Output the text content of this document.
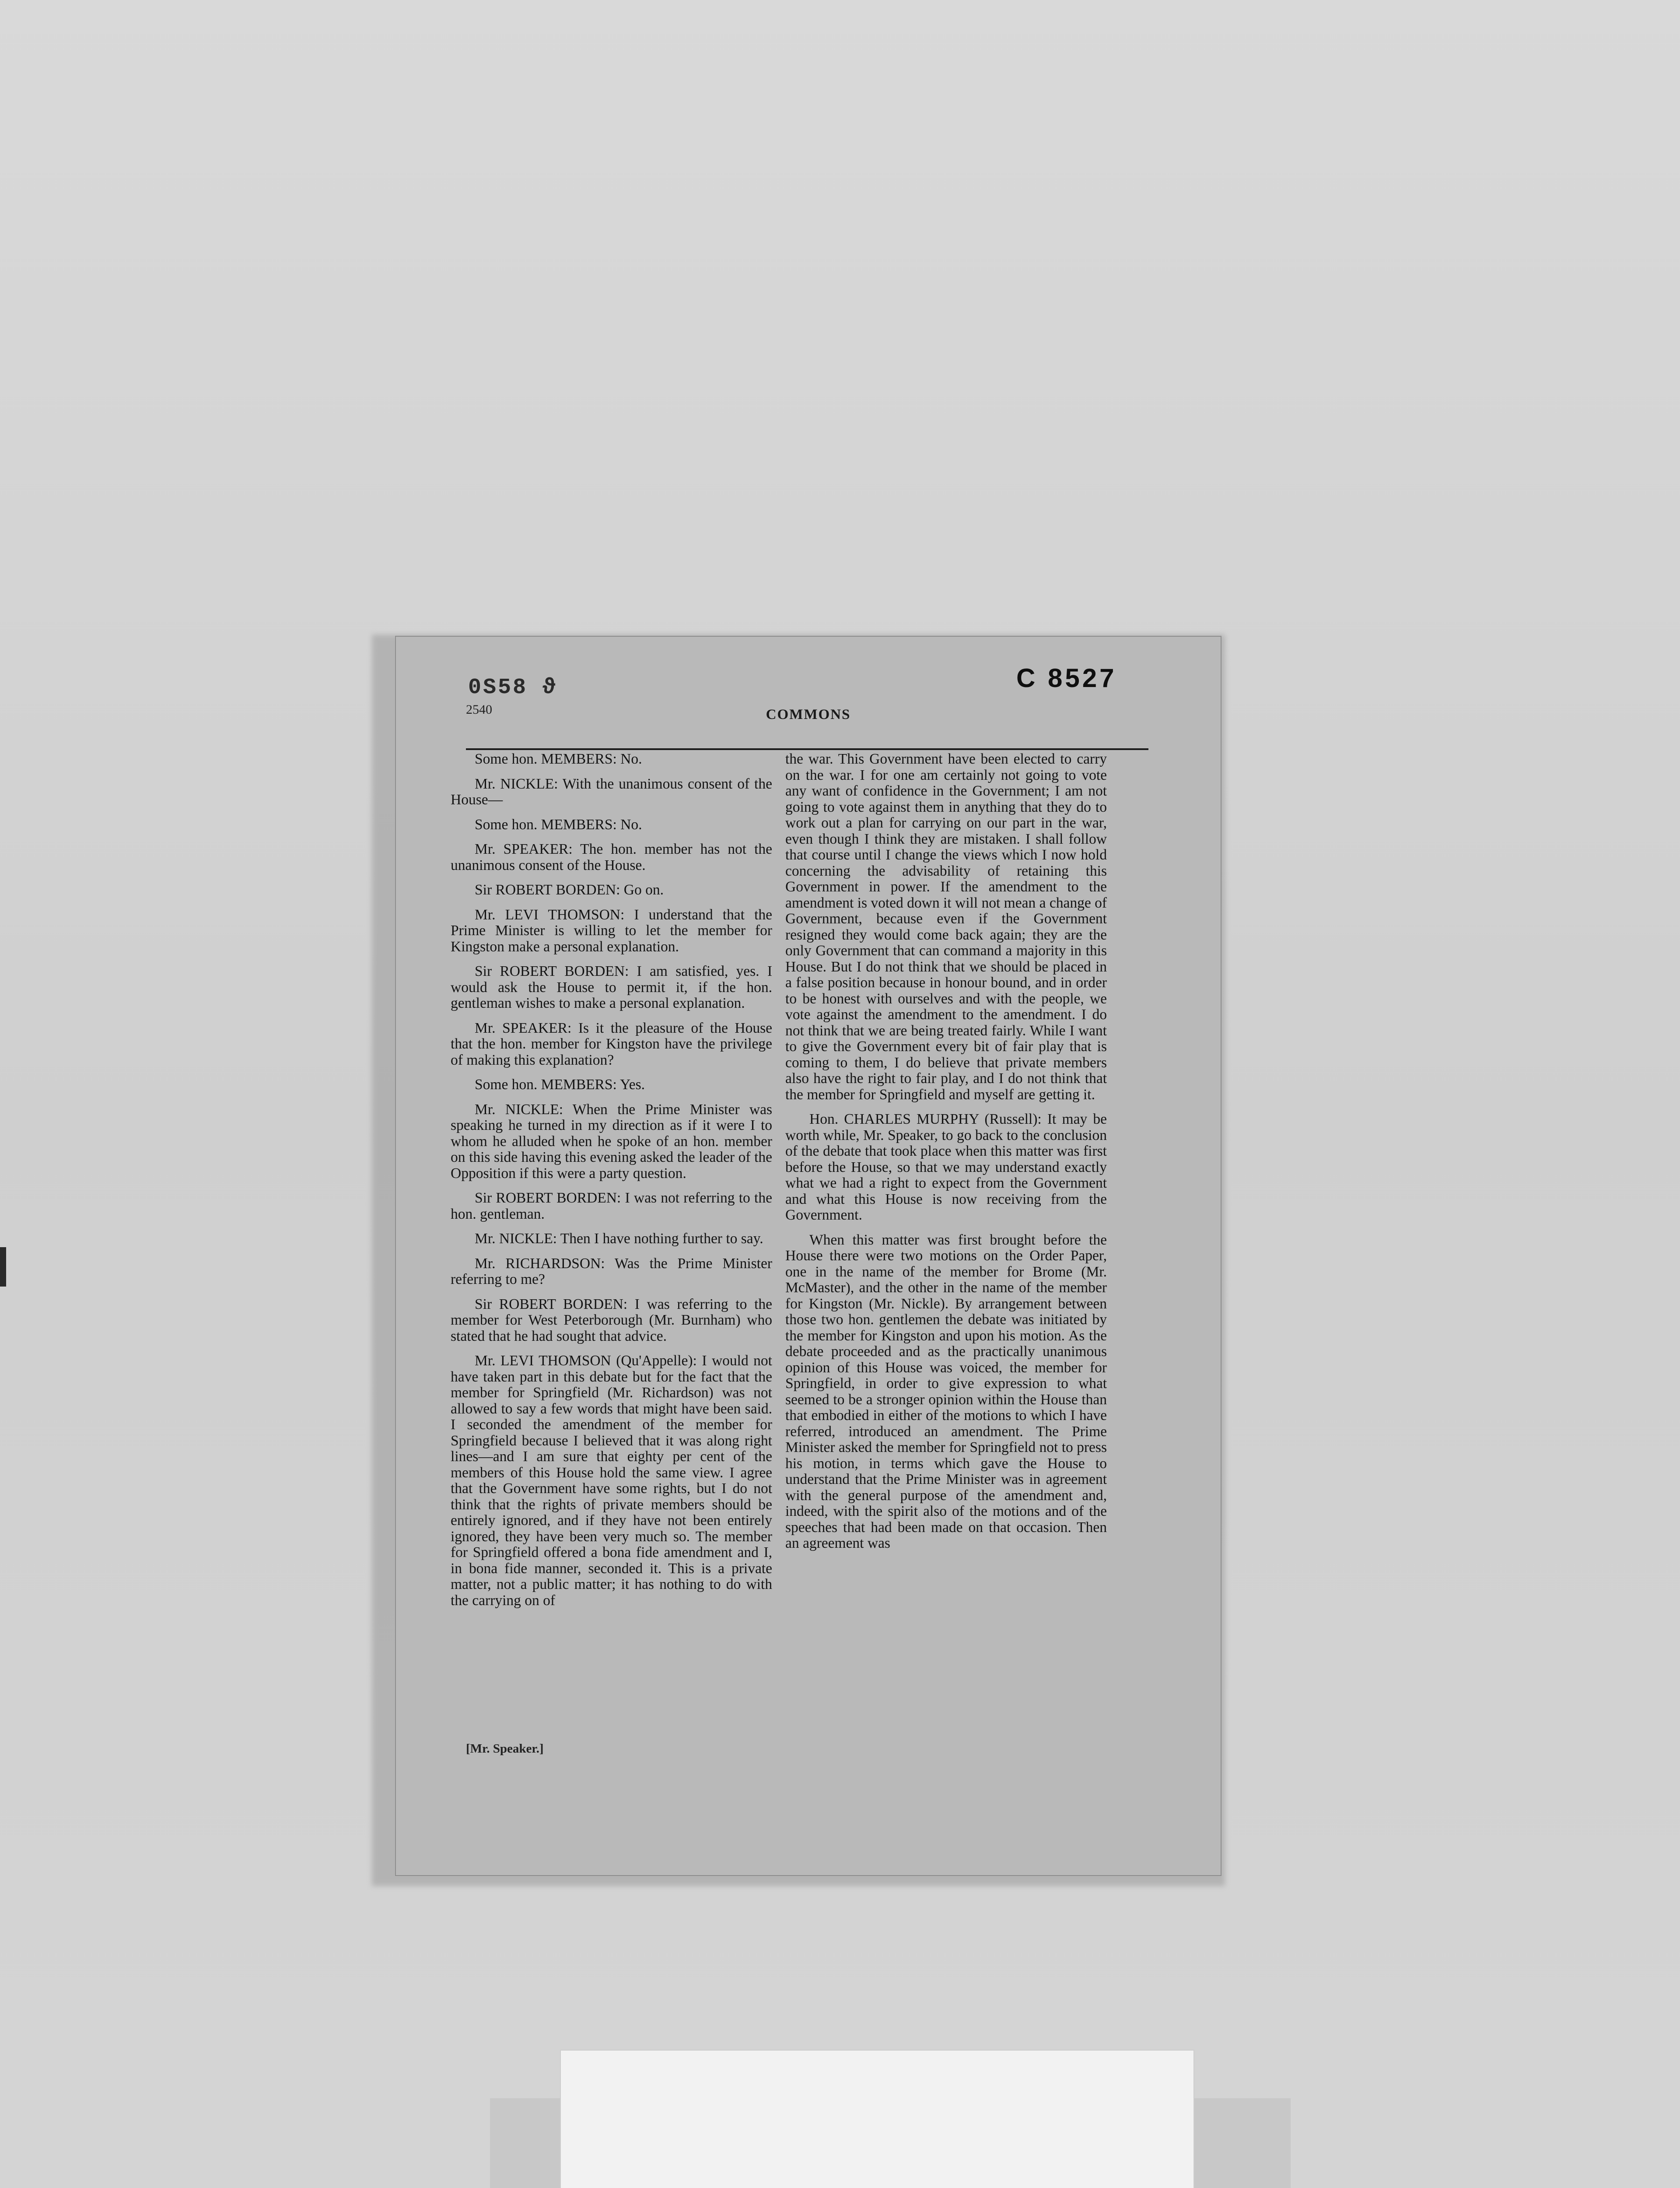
0S58 ϑ	C 8527
2540	COMMONS

Some hon. MEMBERS: No.

Mr. NICKLE: With the unanimous consent of the House—

Some hon. MEMBERS: No.

Mr. SPEAKER: The hon. member has not the unanimous consent of the House.

Sir ROBERT BORDEN: Go on.

Mr. LEVI THOMSON: I understand that the Prime Minister is willing to let the member for Kingston make a personal explanation.

Sir ROBERT BORDEN: I am satisfied, yes. I would ask the House to permit it, if the hon. gentleman wishes to make a personal explanation.

Mr. SPEAKER: Is it the pleasure of the House that the hon. member for Kingston have the privilege of making this explanation?

Some hon. MEMBERS: Yes.

Mr. NICKLE: When the Prime Minister was speaking he turned in my direction as if it were I to whom he alluded when he spoke of an hon. member on this side having this evening asked the leader of the Opposition if this were a party question.

Sir ROBERT BORDEN: I was not referring to the hon. gentleman.

Mr. NICKLE: Then I have nothing further to say.

Mr. RICHARDSON: Was the Prime Minister referring to me?

Sir ROBERT BORDEN: I was referring to the member for West Peterborough (Mr. Burnham) who stated that he had sought that advice.

Mr. LEVI THOMSON (Qu'Appelle): I would not have taken part in this debate but for the fact that the member for Springfield (Mr. Richardson) was not allowed to say a few words that might have been said. I seconded the amendment of the member for Springfield because I believed that it was along right lines—and I am sure that eighty per cent of the members of this House hold the same view. I agree that the Government have some rights, but I do not think that the rights of private members should be entirely ignored, and if they have not been entirely ignored, they have been very much so. The member for Springfield offered a bona fide amendment and I, in bona fide manner, seconded it. This is a private matter, not a public matter; it has nothing to do with the carrying on of

the war. This Government have been elected to carry on the war. I for one am certainly not going to vote any want of confidence in the Government; I am not going to vote against them in anything that they do to work out a plan for carrying on our part in the war, even though I think they are mistaken. I shall follow that course until I change the views which I now hold concerning the advisability of retaining this Government in power. If the amendment to the amendment is voted down it will not mean a change of Government, because even if the Government resigned they would come back again; they are the only Government that can command a majority in this House. But I do not think that we should be placed in a false position because in honour bound, and in order to be honest with ourselves and with the people, we vote against the amendment to the amendment. I do not think that we are being treated fairly. While I want to give the Government every bit of fair play that is coming to them, I do believe that private members also have the right to fair play, and I do not think that the member for Springfield and myself are getting it.

Hon. CHARLES MURPHY (Russell): It may be worth while, Mr. Speaker, to go back to the conclusion of the debate that took place when this matter was first before the House, so that we may understand exactly what we had a right to expect from the Government and what this House is now receiving from the Government.

When this matter was first brought before the House there were two motions on the Order Paper, one in the name of the member for Brome (Mr. McMaster), and the other in the name of the member for Kingston (Mr. Nickle). By arrangement between those two hon. gentlemen the debate was initiated by the member for Kingston and upon his motion. As the debate proceeded and as the practically unanimous opinion of this House was voiced, the member for Springfield, in order to give expression to what seemed to be a stronger opinion within the House than that embodied in either of the motions to which I have referred, introduced an amendment. The Prime Minister asked the member for Springfield not to press his motion, in terms which gave the House to understand that the Prime Minister was in agreement with the general purpose of the amendment and, indeed, with the spirit also of the motions and of the speeches that had been made on that occasion. Then an agreement was

[Mr. Speaker.]
